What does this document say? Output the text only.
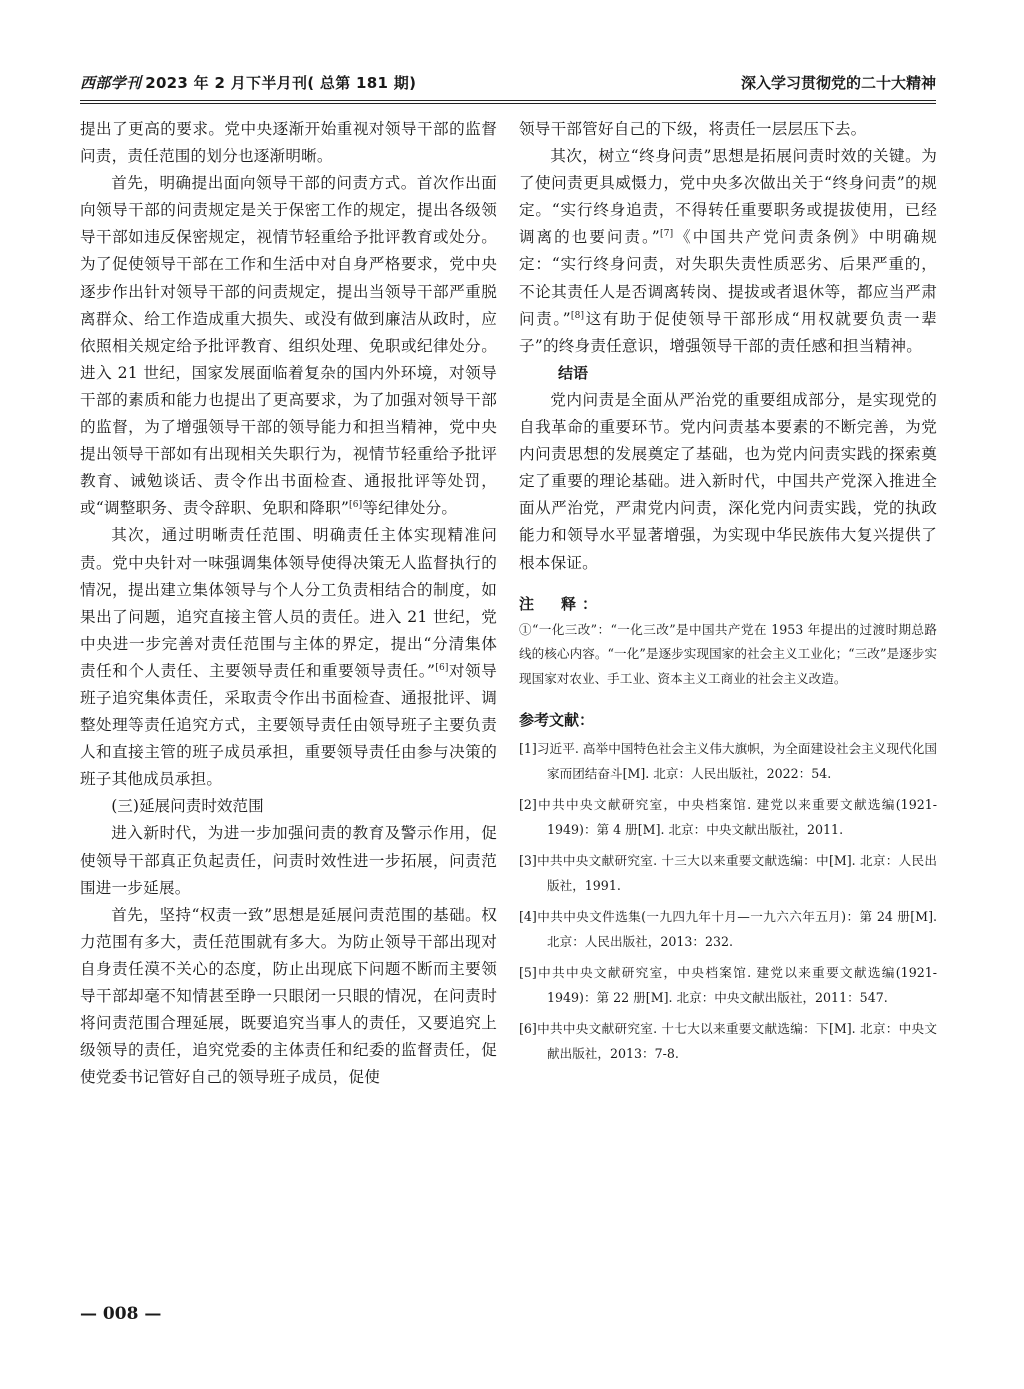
西部学刊 2023 年 2 月下半月刊( 总第 181 期)	深入学习贯彻党的二十大精神

提出了更高的要求。党中央逐渐开始重视对领导干部的监督问责，责任范围的划分也逐渐明晰。

首先，明确提出面向领导干部的问责方式。首次作出面向领导干部的问责规定是关于保密工作的规定，提出各级领导干部如违反保密规定，视情节轻重给予批评教育或处分。为了促使领导干部在工作和生活中对自身严格要求，党中央逐步作出针对领导干部的问责规定，提出当领导干部严重脱离群众、给工作造成重大损失、或没有做到廉洁从政时，应依照相关规定给予批评教育、组织处理、免职或纪律处分。进入 21 世纪，国家发展面临着复杂的国内外环境，对领导干部的素质和能力也提出了更高要求，为了加强对领导干部的监督，为了增强领导干部的领导能力和担当精神，党中央提出领导干部如有出现相关失职行为，视情节轻重给予批评教育、诫勉谈话、责令作出书面检查、通报批评等处罚，或“调整职务、责令辞职、免职和降职”[6]等纪律处分。

其次，通过明晰责任范围、明确责任主体实现精准问责。党中央针对一味强调集体领导使得决策无人监督执行的情况，提出建立集体领导与个人分工负责相结合的制度，如果出了问题，追究直接主管人员的责任。进入 21 世纪，党中央进一步完善对责任范围与主体的界定，提出“分清集体责任和个人责任、主要领导责任和重要领导责任。”[6]对领导班子追究集体责任，采取责令作出书面检查、通报批评、调整处理等责任追究方式，主要领导责任由领导班子主要负责人和直接主管的班子成员承担，重要领导责任由参与决策的班子其他成员承担。

(三)延展问责时效范围

进入新时代，为进一步加强问责的教育及警示作用，促使领导干部真正负起责任，问责时效性进一步拓展，问责范围进一步延展。

首先，坚持“权责一致”思想是延展问责范围的基础。权力范围有多大，责任范围就有多大。为防止领导干部出现对自身责任漠不关心的态度，防止出现底下问题不断而主要领导干部却毫不知情甚至睁一只眼闭一只眼的情况，在问责时将问责范围合理延展，既要追究当事人的责任，又要追究上级领导的责任，追究党委的主体责任和纪委的监督责任，促使党委书记管好自己的领导班子成员，促使

领导干部管好自己的下级，将责任一层层压下去。

其次，树立“终身问责”思想是拓展问责时效的关键。为了使问责更具威慑力，党中央多次做出关于“终身问责”的规定。“实行终身追责，不得转任重要职务或提拔使用，已经调离的也要问责。”[7]《中国共产党问责条例》中明确规定：“实行终身问责，对失职失责性质恶劣、后果严重的，不论其责任人是否调离转岗、提拔或者退休等，都应当严肃问责。”[8]这有助于促使领导干部形成“用权就要负责一辈子”的终身责任意识，增强领导干部的责任感和担当精神。

结语

党内问责是全面从严治党的重要组成部分，是实现党的自我革命的重要环节。党内问责基本要素的不断完善，为党内问责思想的发展奠定了基础，也为党内问责实践的探索奠定了重要的理论基础。进入新时代，中国共产党深入推进全面从严治党，严肃党内问责，深化党内问责实践，党的执政能力和领导水平显著增强，为实现中华民族伟大复兴提供了根本保证。

注　释：

①“一化三改”：“一化三改”是中国共产党在 1953 年提出的过渡时期总路线的核心内容。“一化”是逐步实现国家的社会主义工业化；“三改”是逐步实现国家对农业、手工业、资本主义工商业的社会主义改造。

参考文献：

[1]习近平. 高举中国特色社会主义伟大旗帜，为全面建设社会主义现代化国家而团结奋斗[M]. 北京：人民出版社，2022：54.

[2]中共中央文献研究室，中央档案馆. 建党以来重要文献选编(1921-1949)：第 4 册[M]. 北京：中央文献出版社，2011.

[3]中共中央文献研究室. 十三大以来重要文献选编：中[M]. 北京：人民出版社，1991.

[4]中共中央文件选集(一九四九年十月—一九六六年五月)：第 24 册[M]. 北京：人民出版社，2013：232.

[5]中共中央文献研究室，中央档案馆. 建党以来重要文献选编(1921-1949)：第 22 册[M]. 北京：中央文献出版社，2011：547.

[6]中共中央文献研究室. 十七大以来重要文献选编：下[M]. 北京：中央文献出版社，2013：7-8.

— 008 —
